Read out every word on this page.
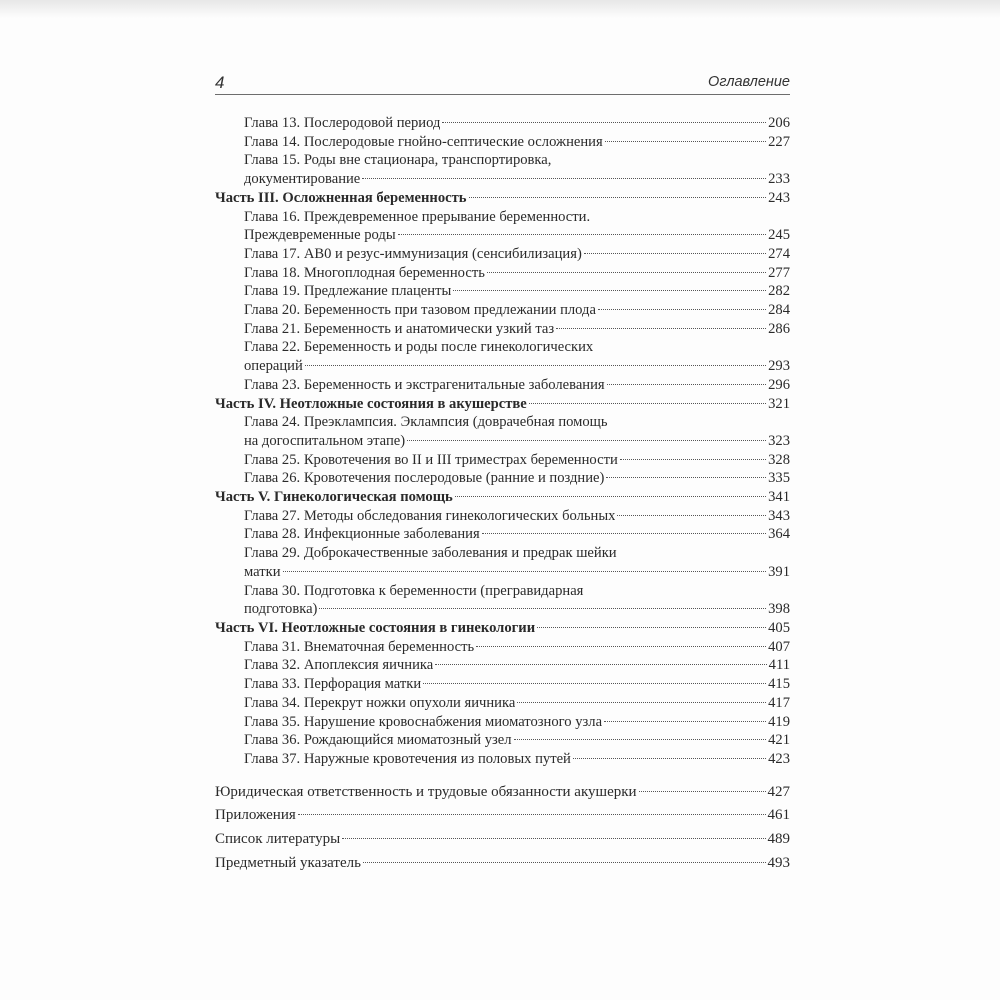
4	Оглавление
Глава 13. Послеродовой период	206
Глава 14. Послеродовые гнойно-септические осложнения	227
Глава 15. Роды вне стационара, транспортировка,
документирование	233
Часть III. Осложненная беременность	243
Глава 16. Преждевременное прерывание беременности.
Преждевременные роды	245
Глава 17. АВ0 и резус-иммунизация (сенсибилизация)	274
Глава 18. Многоплодная беременность	277
Глава 19. Предлежание плаценты	282
Глава 20. Беременность при тазовом предлежании плода	284
Глава 21. Беременность и анатомически узкий таз	286
Глава 22. Беременность и роды после гинекологических
операций	293
Глава 23. Беременность и экстрагенитальные заболевания	296
Часть IV. Неотложные состояния в акушерстве	321
Глава 24. Преэклампсия. Эклампсия (доврачебная помощь
на догоспитальном этапе)	323
Глава 25. Кровотечения во II и III триместрах беременности	328
Глава 26. Кровотечения послеродовые (ранние и поздние)	335
Часть V. Гинекологическая помощь	341
Глава 27. Методы обследования гинекологических больных	343
Глава 28. Инфекционные заболевания	364
Глава 29. Доброкачественные заболевания и предрак шейки
матки	391
Глава 30. Подготовка к беременности (прегравидарная
подготовка)	398
Часть VI. Неотложные состояния в гинекологии	405
Глава 31. Внематочная беременность	407
Глава 32. Апоплексия яичника	411
Глава 33. Перфорация матки	415
Глава 34. Перекрут ножки опухоли яичника	417
Глава 35. Нарушение кровоснабжения миоматозного узла	419
Глава 36. Рождающийся миоматозный узел	421
Глава 37. Наружные кровотечения из половых путей	423
Юридическая ответственность и трудовые обязанности акушерки	427
Приложения	461
Список литературы	489
Предметный указатель	493
